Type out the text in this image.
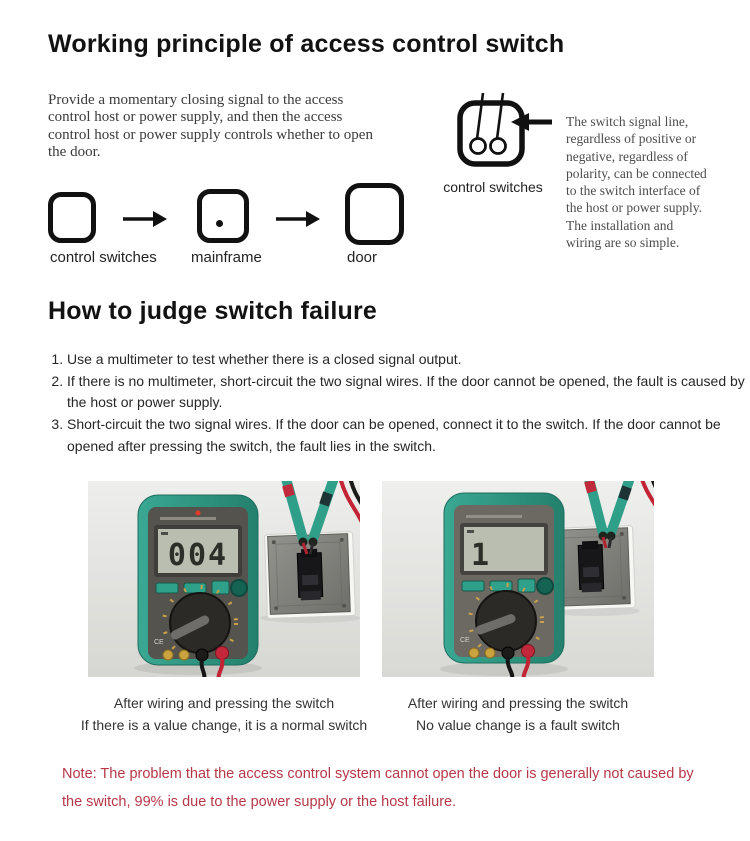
Working principle of access control switch
Provide a momentary closing signal to the access control host or power supply, and then the access control host or power supply controls whether to open the door.
control switches
The switch signal line, regardless of positive or negative, regardless of polarity, can be connected to the switch interface of the host or power supply. The installation and wiring are so simple.
control switches mainframe	door
How to judge switch failure
1. Use a multimeter to test whether there is a closed signal output.
2. If there is no multimeter, short-circuit the two signal wires. If the door cannot be opened, the fault is caused by the host or power supply.
3. Short-circuit the two signal wires. If the door can be opened, connect it to the switch. If the door cannot be opened after pressing the switch, the fault lies in the switch.
004
CE
1
CE
After wiring and pressing the switch
If there is a value change, it is a normal switch
After wiring and pressing the switch
No value change is a fault switch
Note: The problem that the access control system cannot open the door is generally not caused by the switch, 99% is due to the power supply or the host failure.
